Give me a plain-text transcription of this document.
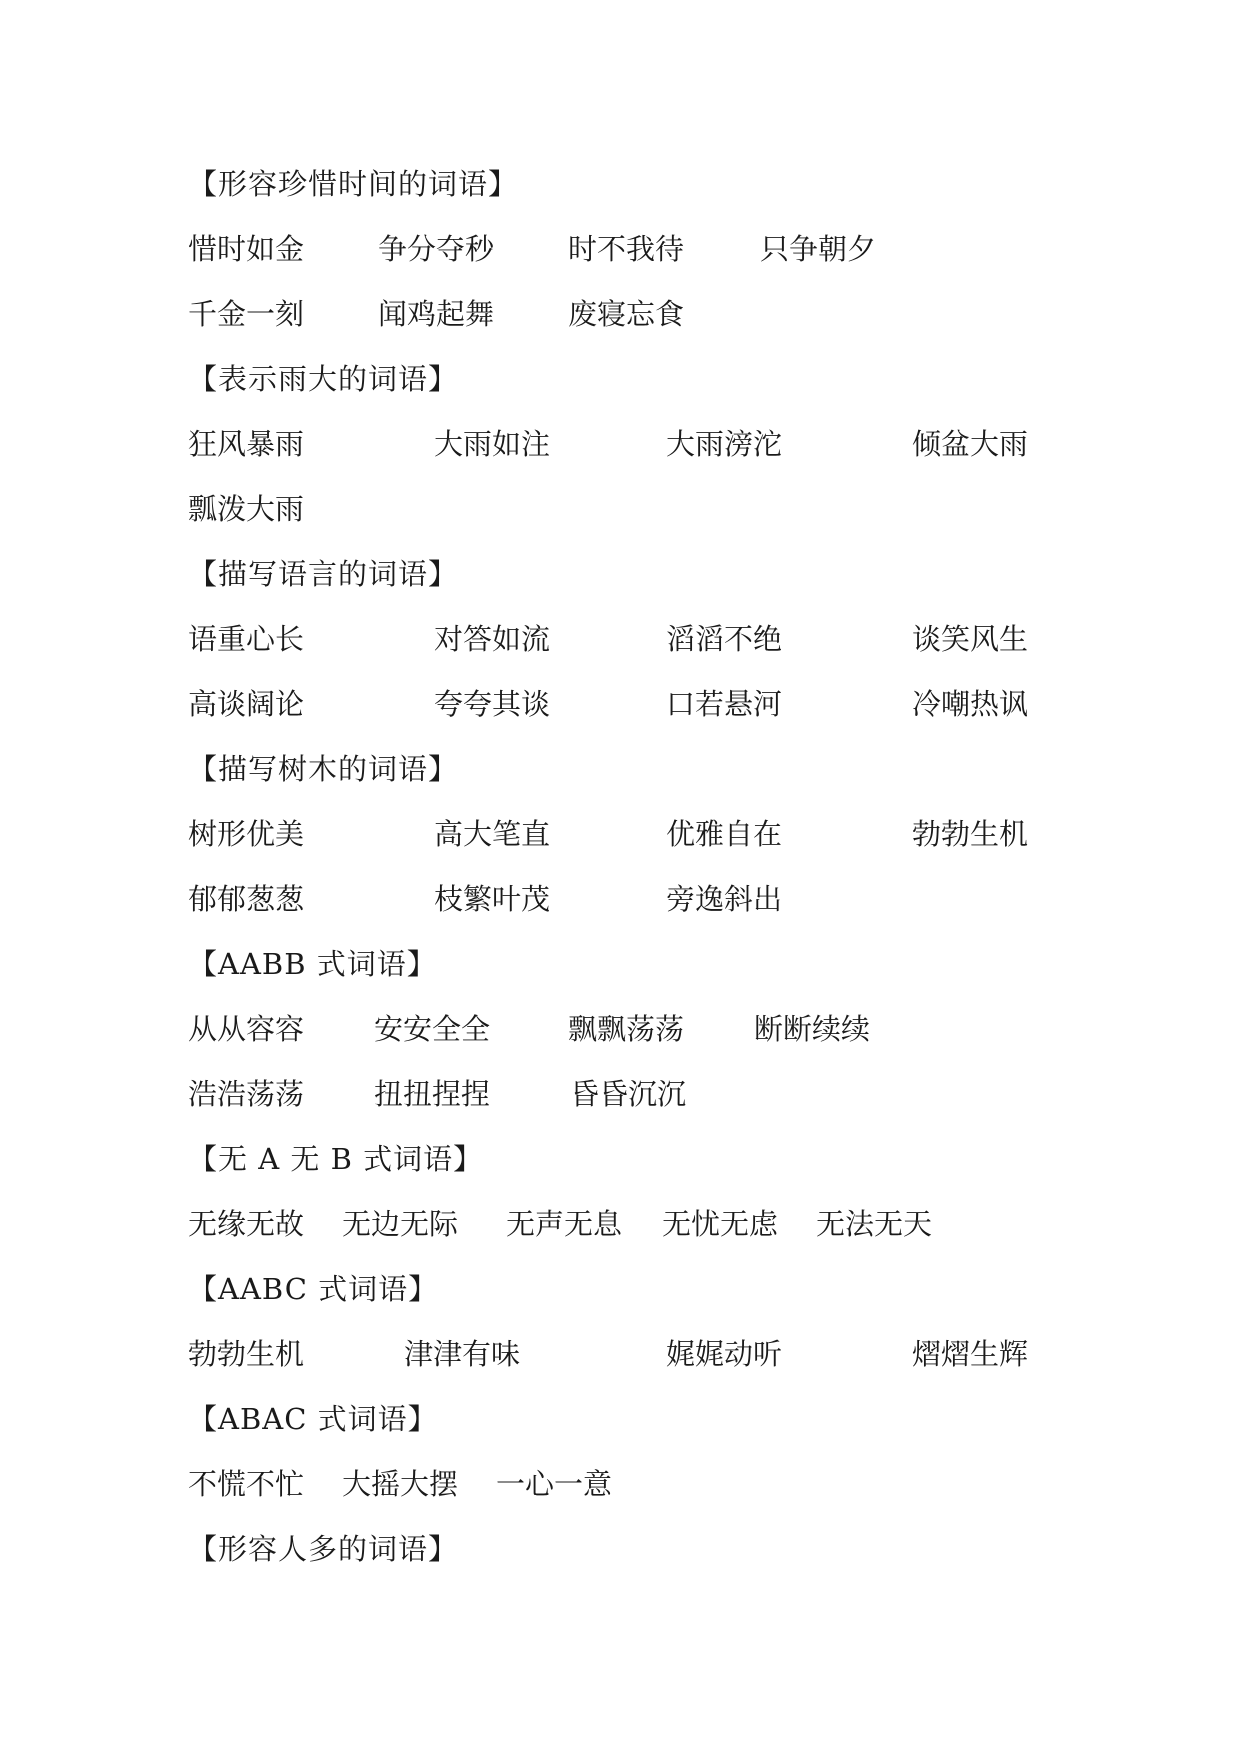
【形容珍惜时间的词语】
惜时如金	争分夺秒	时不我待	只争朝夕
千金一刻	闻鸡起舞	废寝忘食
【表示雨大的词语】
狂风暴雨	大雨如注	大雨滂沱	倾盆大雨
瓢泼大雨
【描写语言的词语】
语重心长	对答如流	滔滔不绝	谈笑风生
高谈阔论	夸夸其谈	口若悬河	冷嘲热讽
【描写树木的词语】
树形优美	高大笔直	优雅自在	勃勃生机
郁郁葱葱	枝繁叶茂	旁逸斜出
【AABB 式词语】
从从容容 安安全全	飘飘荡荡 断断续续
浩浩荡荡 扭扭捏捏	昏昏沉沉
【无 A 无 B 式词语】
无缘无故 无边无际 无声无息 无忧无虑 无法无天
【AABC 式词语】
勃勃生机	津津有味	娓娓动听	熠熠生辉
【ABAC 式词语】
不慌不忙 大摇大摆 一心一意
【形容人多的词语】
